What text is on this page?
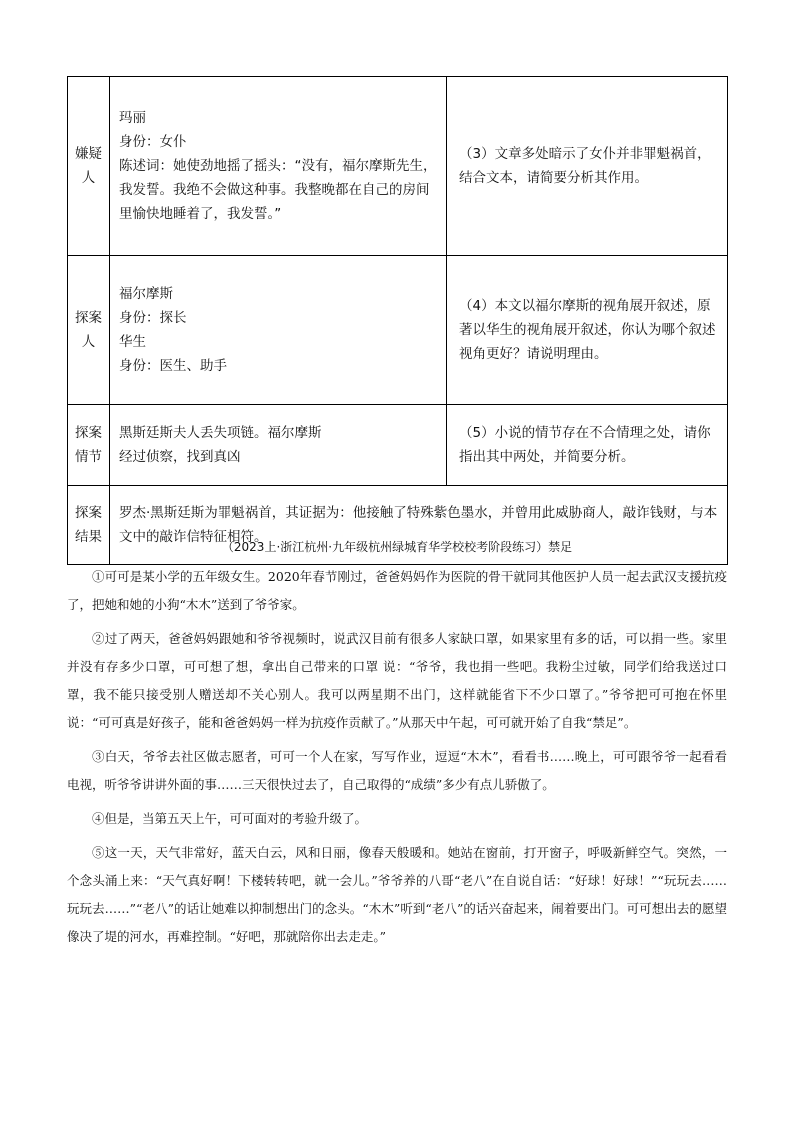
嫌疑
人	玛丽
身份：女仆
陈述词：她使劲地摇了摇头：“没有，福尔摩斯先生，
我发誓。我绝不会做这种事。我整晚都在自己的房间
里愉快地睡着了，我发誓。”	（3）文章多处暗示了女仆并非罪魁祸首，结合文本，请简要分析其作用。

探案
人	福尔摩斯
身份：探长
华生
身份：医生、助手	（4）本文以福尔摩斯的视角展开叙述，原著以华生的视角展开叙述，你认为哪个叙述视角更好？请说明理由。

探案
情节	黑斯廷斯夫人丢失项链。福尔摩斯
经过侦察，找到真凶	（5）小说的情节存在不合情理之处，请你指出其中两处，并简要分析。

探案
结果	罗杰·黑斯廷斯为罪魁祸首，其证据为：他接触了特殊紫色墨水，并曾用此威胁商人，敲诈钱财，与本文中的敲诈信特征相符。	
（2023上·浙江杭州·九年级杭州绿城育华学校校考阶段练习）禁足

①可可是某小学的五年级女生。2020年春节刚过，爸爸妈妈作为医院的骨干就同其他医护人员一起去武汉支援抗疫了，把她和她的小狗“木木”送到了爷爷家。

②过了两天，爸爸妈妈跟她和爷爷视频时，说武汉目前有很多人家缺口罩，如果家里有多的话，可以捐一些。家里并没有存多少口罩，可可想了想，拿出自己带来的口罩 说：“爷爷，我也捐一些吧。我粉尘过敏，同学们给我送过口罩，我不能只接受别人赠送却不关心别人。我可以两星期不出门，这样就能省下不少口罩了。”爷爷把可可抱在怀里说：“可可真是好孩子，能和爸爸妈妈一样为抗疫作贡献了。”从那天中午起，可可就开始了自我“禁足”。

③白天，爷爷去社区做志愿者，可可一个人在家，写写作业，逗逗“木木”，看看书……晚上，可可跟爷爷一起看看电视，听爷爷讲讲外面的事……三天很快过去了，自己取得的“成绩”多少有点儿骄傲了。

④但是，当第五天上午，可可面对的考验升级了。

⑤这一天，天气非常好，蓝天白云，风和日丽，像春天般暖和。她站在窗前，打开窗子，呼吸新鲜空气。突然，一个念头涌上来：“天气真好啊！下楼转转吧，就一会儿。”爷爷养的八哥“老八”在自说自话：“好球！好球！”“玩玩去……玩玩去……”“老八”的话让她难以抑制想出门的念头。“木木”听到“老八”的话兴奋起来，闹着要出门。可可想出去的愿望像决了堤的河水，再难控制。“好吧，那就陪你出去走走。”
